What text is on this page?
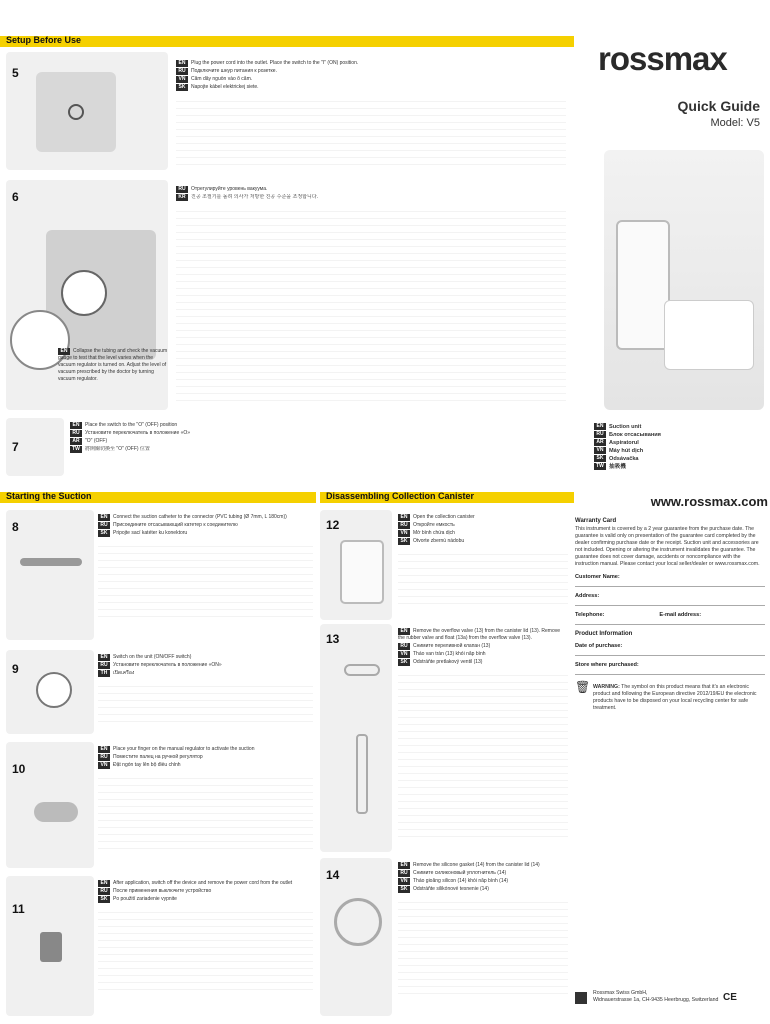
Setup Before Use	rossmax
Quick Guide
Model: V5
5
EN Plug the power cord into the outlet. Place the switch to the "I" (ON) position.
RU Подключите шнур питания к розетке.
VN Cắm dây nguồn vào ổ cắm.
SK Napojte kábel elektrickej siete.
6
EN Collapse the tubing and check the vacuum gauge to test that the level varies when the vacuum regulator is turned on. Adjust the level of vacuum prescribed by the doctor by turning vacuum regulator.
RU Отрегулируйте уровень вакуума.
KR 진공 조절기를 돌려 의사가 처방한 진공 수준을 조정합니다.
EN Suction unit
RU Блок отсасывания
AR Aspiratorul
VN Máy hút dịch
SK Odsávačka
TW 抽吸機
7
EN Place the switch to the "O" (OFF) position
RU Установите переключатель в положение «O»
AR "O" (OFF)
TW 將開關切換至 "O" (OFF) 位置
Starting the Suction	Disassembling Collection Canister	www.rossmax.com
8
EN Connect the suction catheter to the connector (PVC tubing (Ø 7mm, L 180cm))
RU Присоедините отсасывающий катетер к соединителю
SK Pripojte sací katéter ku konektoru
9
EN Switch on the unit (ON/OFF switch)
RU Установите переключатель в положение «ON»
TH เปิดเครื่อง
10
EN Place your finger on the manual regulator to activate the suction
RU Поместите палец на ручной регулятор
VN Đặt ngón tay lên bộ điều chỉnh
11
EN After application, switch off the device and remove the power cord from the outlet
RU После применения выключите устройство
SK Po použití zariadenie vypnite
12
EN Open the collection canister
RU Откройте емкость
VN Mở bình chứa dịch
SK Otvorte zbernú nádobu
13
EN Remove the overflow valve (13) from the canister lid (13). Remove the rubber valve and float (13a) from the overflow valve (13).
RU Снимите переливной клапан (13)
VN Tháo van tràn (13) khỏi nắp bình
SK Odstráňte pretlakový ventil (13)
14
EN Remove the silicone gasket (14) from the canister lid (14)
RU Снимите силиконовый уплотнитель (14)
VN Tháo gioăng silicon (14) khỏi nắp bình (14)
SK Odstráňte silikónové tesnenie (14)
Warranty Card
This instrument is covered by a 2 year guarantee from the purchase date. The guarantee is valid only on presentation of the guarantee card completed by the dealer confirming purchase date or the receipt. Suction unit and accessories are not included. Opening or altering the instrument invalidates the guarantee. The guarantee does not cover damage, accidents or noncompliance with the instruction manual. Please contact your local seller/dealer or www.rossmax.com.
Customer Name:
Address:
Telephone:	E-mail address:
Product Information
Date of purchase:
Store where purchased:
🗑 WARNING: The symbol on this product means that it's an electronic product and following the European directive 2012/19/EU the electronic products have to be disposed on your local recycling center for safe treatment.
Rossmax Swiss GmbH,
Widnauerstrasse 1a, CH-9435 Heerbrugg, Switzerland CE
